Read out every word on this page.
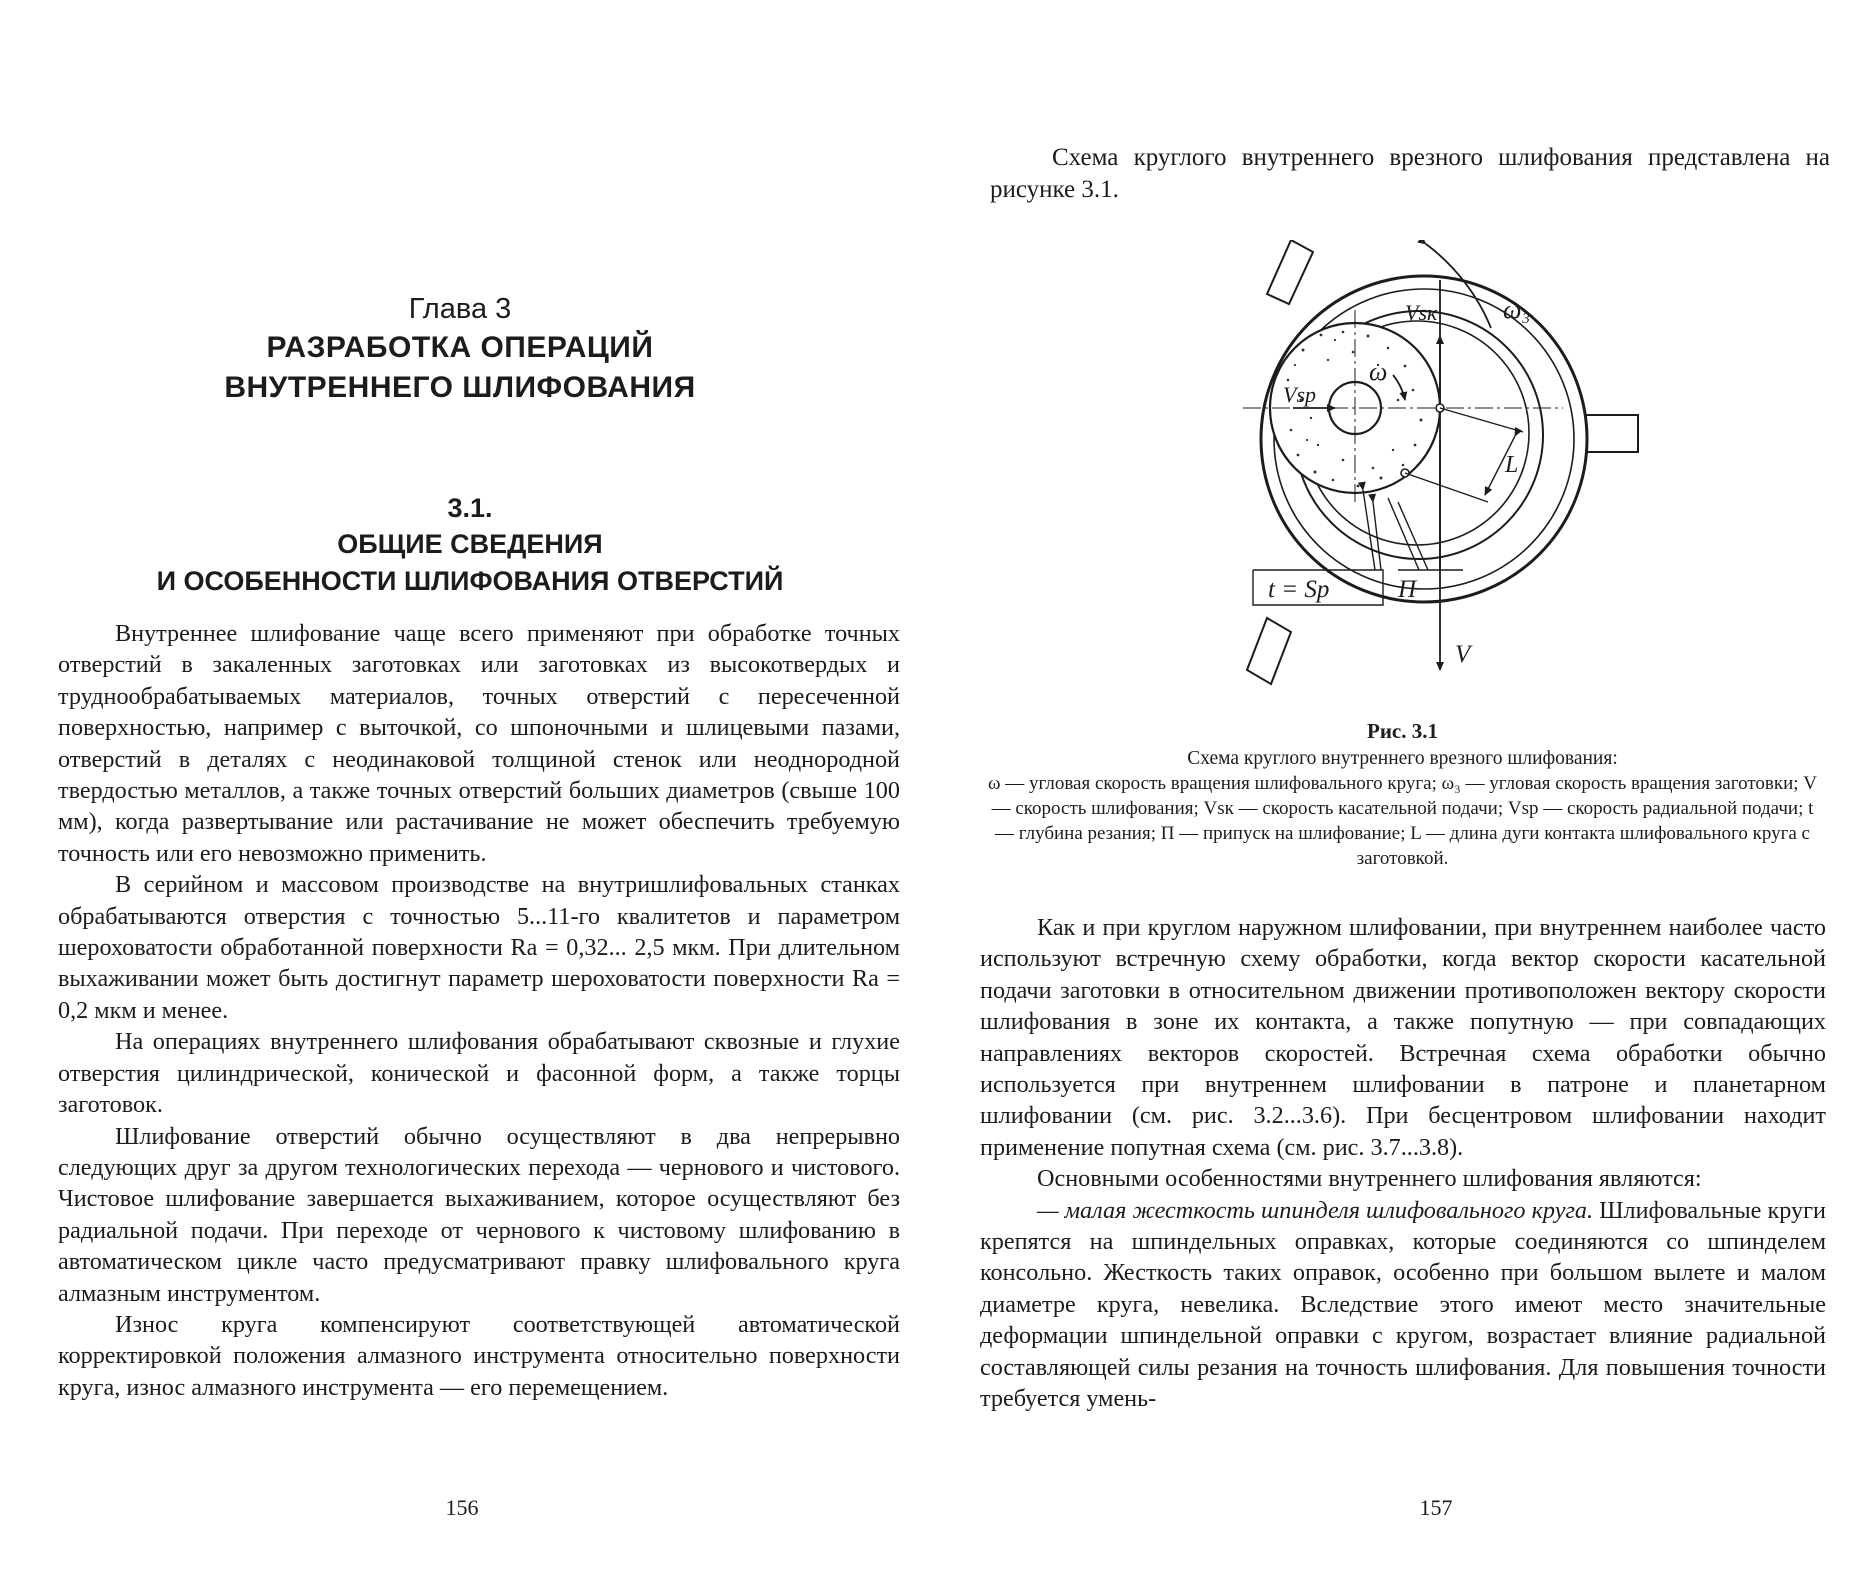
Глава 3
РАЗРАБОТКА ОПЕРАЦИЙ
ВНУТРЕННЕГО ШЛИФОВАНИЯ
3.1.
ОБЩИЕ СВЕДЕНИЯ
И ОСОБЕННОСТИ ШЛИФОВАНИЯ ОТВЕРСТИЙ

Внутреннее шлифование чаще всего применяют при обработке точных отверстий в закаленных заготовках или заготовках из высокотвердых и труднообрабатываемых материалов, точных отверстий с пересеченной поверхностью, например с выточкой, со шпоночными и шлицевыми пазами, отверстий в деталях с неодинаковой толщиной стенок или неоднородной твердостью металлов, а также точных отверстий больших диаметров (свыше 100 мм), когда развертывание или растачивание не может обеспечить требуемую точность или его невозможно применить.

В серийном и массовом производстве на внутришлифовальных станках обрабатываются отверстия с точностью 5...11-го квалитетов и параметром шероховатости обработанной поверхности Ra = 0,32... 2,5 мкм. При длительном выхаживании может быть достигнут параметр шероховатости поверхности Ra = 0,2 мкм и менее.

На операциях внутреннего шлифования обрабатывают сквозные и глухие отверстия цилиндрической, конической и фасонной форм, а также торцы заготовок.

Шлифование отверстий обычно осуществляют в два непрерывно следующих друг за другом технологических перехода — чернового и чистового. Чистовое шлифование завершается выхаживанием, которое осуществляют без радиальной подачи. При переходе от чернового к чистовому шлифованию в автоматическом цикле часто предусматривают правку шлифовального круга алмазным инструментом.

Износ круга компенсируют соответствующей автоматической корректировкой положения алмазного инструмента относительно поверхности круга, износ алмазного инструмента — его перемещением.

156

Схема круглого внутреннего врезного шлифования представлена на рисунке 3.1.

ω₃
Vsк
ω
Vsp
L
t = Sp	П
V
Рис. 3.1
Схема круглого внутреннего врезного шлифования:
ω — угловая скорость вращения шлифовального круга; ω₃ — угловая скорость вращения заготовки; V — скорость шлифования; Vsк — скорость касательной подачи; Vsр — скорость радиальной подачи; t — глубина резания; П — припуск на шлифование; L — длина дуги контакта шлифовального круга с заготовкой.

Как и при круглом наружном шлифовании, при внутреннем наиболее часто используют встречную схему обработки, когда вектор скорости касательной подачи заготовки в относительном движении противоположен вектору скорости шлифования в зоне их контакта, а также попутную — при совпадающих направлениях векторов скоростей. Встречная схема обработки обычно используется при внутреннем шлифовании в патроне и планетарном шлифовании (см. рис. 3.2...3.6). При бесцентровом шлифовании находит применение попутная схема (см. рис. 3.7...3.8).

Основными особенностями внутреннего шлифования являются:

— малая жесткость шпинделя шлифовального круга. Шлифовальные круги крепятся на шпиндельных оправках, которые соединяются со шпинделем консольно. Жесткость таких оправок, особенно при большом вылете и малом диаметре круга, невелика. Вследствие этого имеют место значительные деформации шпиндельной оправки с кругом, возрастает влияние радиальной составляющей силы резания на точность шлифования. Для повышения точности требуется умень-

157
